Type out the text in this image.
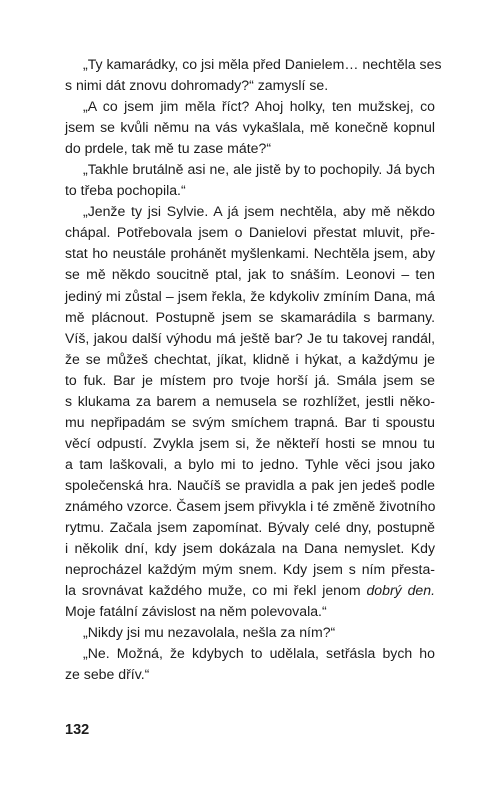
„Ty kamarádky, co jsi měla před Danielem… nechtěla ses
s nimi dát znovu dohromady?“ zamyslí se.
„A co jsem jim měla říct? Ahoj holky, ten mužskej, co
jsem se kvůli němu na vás vykašlala, mě konečně kopnul
do prdele, tak mě tu zase máte?“
„Takhle brutálně asi ne, ale jistě by to pochopily. Já bych
to třeba pochopila.“
„Jenže ty jsi Sylvie. A já jsem nechtěla, aby mě někdo
chápal. Potřebovala jsem o Danielovi přestat mluvit, pře-
stat ho neustále prohánět myšlenkami. Nechtěla jsem, aby
se mě někdo soucitně ptal, jak to snáším. Leonovi – ten
jediný mi zůstal – jsem řekla, že kdykoliv zmíním Dana, má
mě plácnout. Postupně jsem se skamarádila s barmany.
Víš, jakou další výhodu má ještě bar? Je tu takovej randál,
že se můžeš chechtat, jíkat, klidně i hýkat, a každýmu je
to fuk. Bar je místem pro tvoje horší já. Smála jsem se
s klukama za barem a nemusela se rozhlížet, jestli něko-
mu nepřipadám se svým smíchem trapná. Bar ti spoustu
věcí odpustí. Zvykla jsem si, že někteří hosti se mnou tu
a tam laškovali, a bylo mi to jedno. Tyhle věci jsou jako
společenská hra. Naučíš se pravidla a pak jen jedeš podle
známého vzorce. Časem jsem přivykla i té změně životního
rytmu. Začala jsem zapomínat. Bývaly celé dny, postupně
i několik dní, kdy jsem dokázala na Dana nemyslet. Kdy
neprocházel každým mým snem. Kdy jsem s ním přesta-
la srovnávat každého muže, co mi řekl jenom dobrý den.
Moje fatální závislost na něm polevovala.“
„Nikdy jsi mu nezavolala, nešla za ním?“
„Ne. Možná, že kdybych to udělala, setřásla bych ho
ze sebe dřív.“
132
